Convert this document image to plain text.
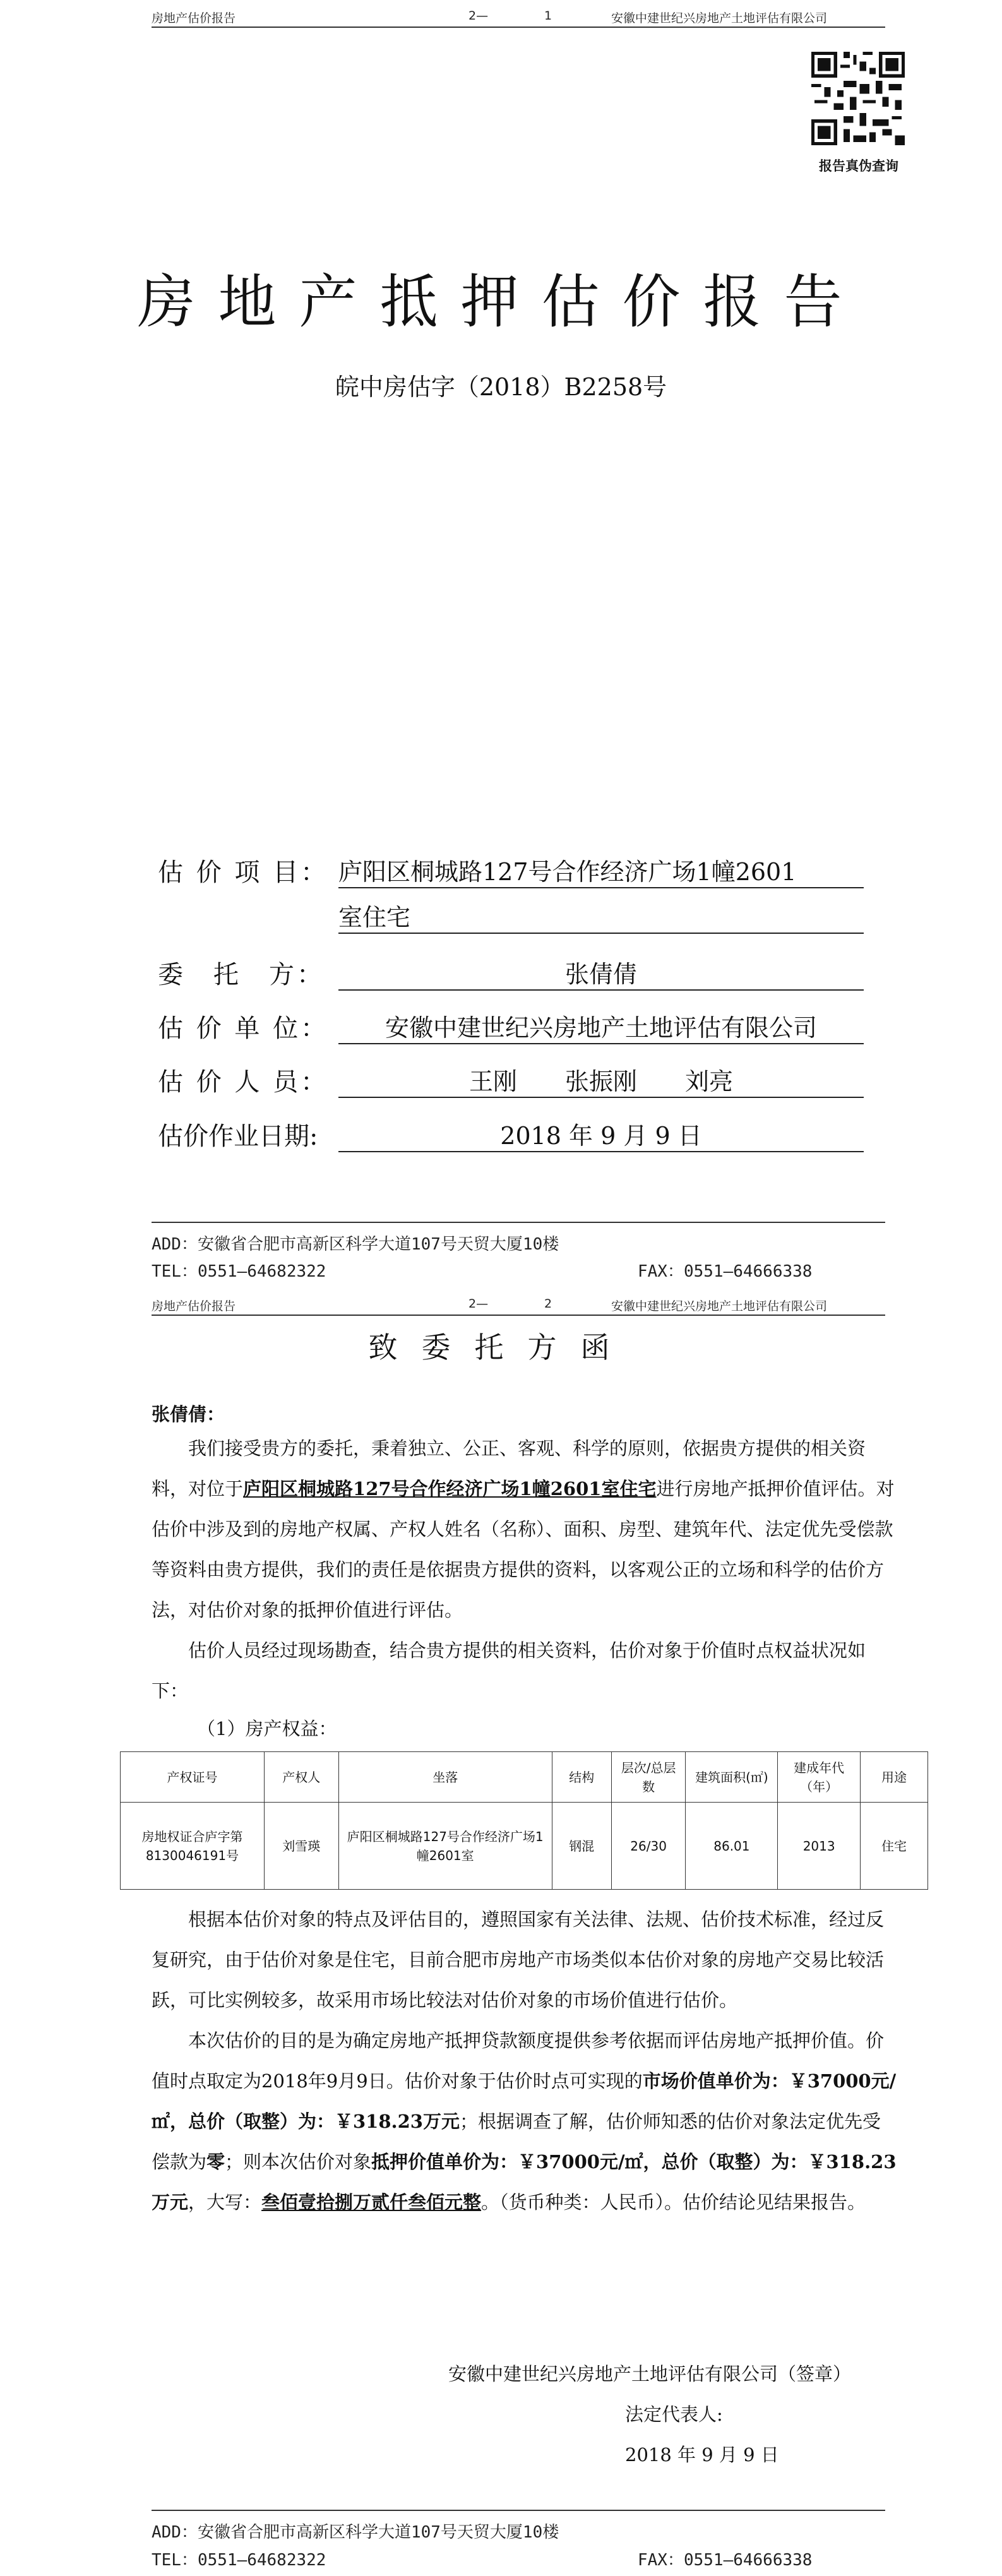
房地产估价报告	2—	1	安徽中建世纪兴房地产土地评估有限公司
报告真伪查询
房地产抵押估价报告
皖中房估字（2018）B2258号
估 价 项 目： 庐阳区桐城路127号合作经济广场1幢2601
室住宅
委　托　方：	张倩倩
估 价 单 位：	安徽中建世纪兴房地产土地评估有限公司
估 价 人 员：	王刚　　张振刚　　刘亮
估价作业日期:	2018 年 9 月 9 日
ADD：安徽省合肥市高新区科学大道107号天贸大厦10楼
TEL：0551—64682322	FAX：0551—64666338
房地产估价报告	2—	2	安徽中建世纪兴房地产土地评估有限公司
致委托方函
张倩倩：

我们接受贵方的委托，秉着独立、公正、客观、科学的原则，依据贵方提供的相关资料，对位于庐阳区桐城路127号合作经济广场1幢2601室住宅进行房地产抵押价值评估。对估价中涉及到的房地产权属、产权人姓名（名称）、面积、房型、建筑年代、法定优先受偿款等资料由贵方提供，我们的责任是依据贵方提供的资料，以客观公正的立场和科学的估价方法，对估价对象的抵押价值进行评估。

估价人员经过现场勘查，结合贵方提供的相关资料，估价对象于价值时点权益状况如下：

（1）房产权益：

产权证号	产权人	坐落	结构	层次/总层数	建筑面积(㎡)	建成年代（年）	用途
房地权证合庐字第8130046191号	刘雪瑛	庐阳区桐城路127号合作经济广场1幢2601室	钢混	26/30	86.01	2013	住宅

根据本估价对象的特点及评估目的，遵照国家有关法律、法规、估价技术标准，经过反复研究，由于估价对象是住宅，目前合肥市房地产市场类似本估价对象的房地产交易比较活跃，可比实例较多，故采用市场比较法对估价对象的市场价值进行估价。

本次估价的目的是为确定房地产抵押贷款额度提供参考依据而评估房地产抵押价值。价值时点取定为2018年9月9日。估价对象于估价时点可实现的市场价值单价为：￥37000元/㎡，总价（取整）为：￥318.23万元；根据调查了解，估价师知悉的估价对象法定优先受偿款为零；则本次估价对象抵押价值单价为：￥37000元/㎡，总价（取整）为：￥318.23万元，大写：叁佰壹拾捌万贰仟叁佰元整。（货币种类：人民币）。估价结论见结果报告。

安徽中建世纪兴房地产土地评估有限公司（签章）
法定代表人:
2018 年 9 月 9 日
ADD：安徽省合肥市高新区科学大道107号天贸大厦10楼
TEL：0551—64682322	FAX：0551—64666338
